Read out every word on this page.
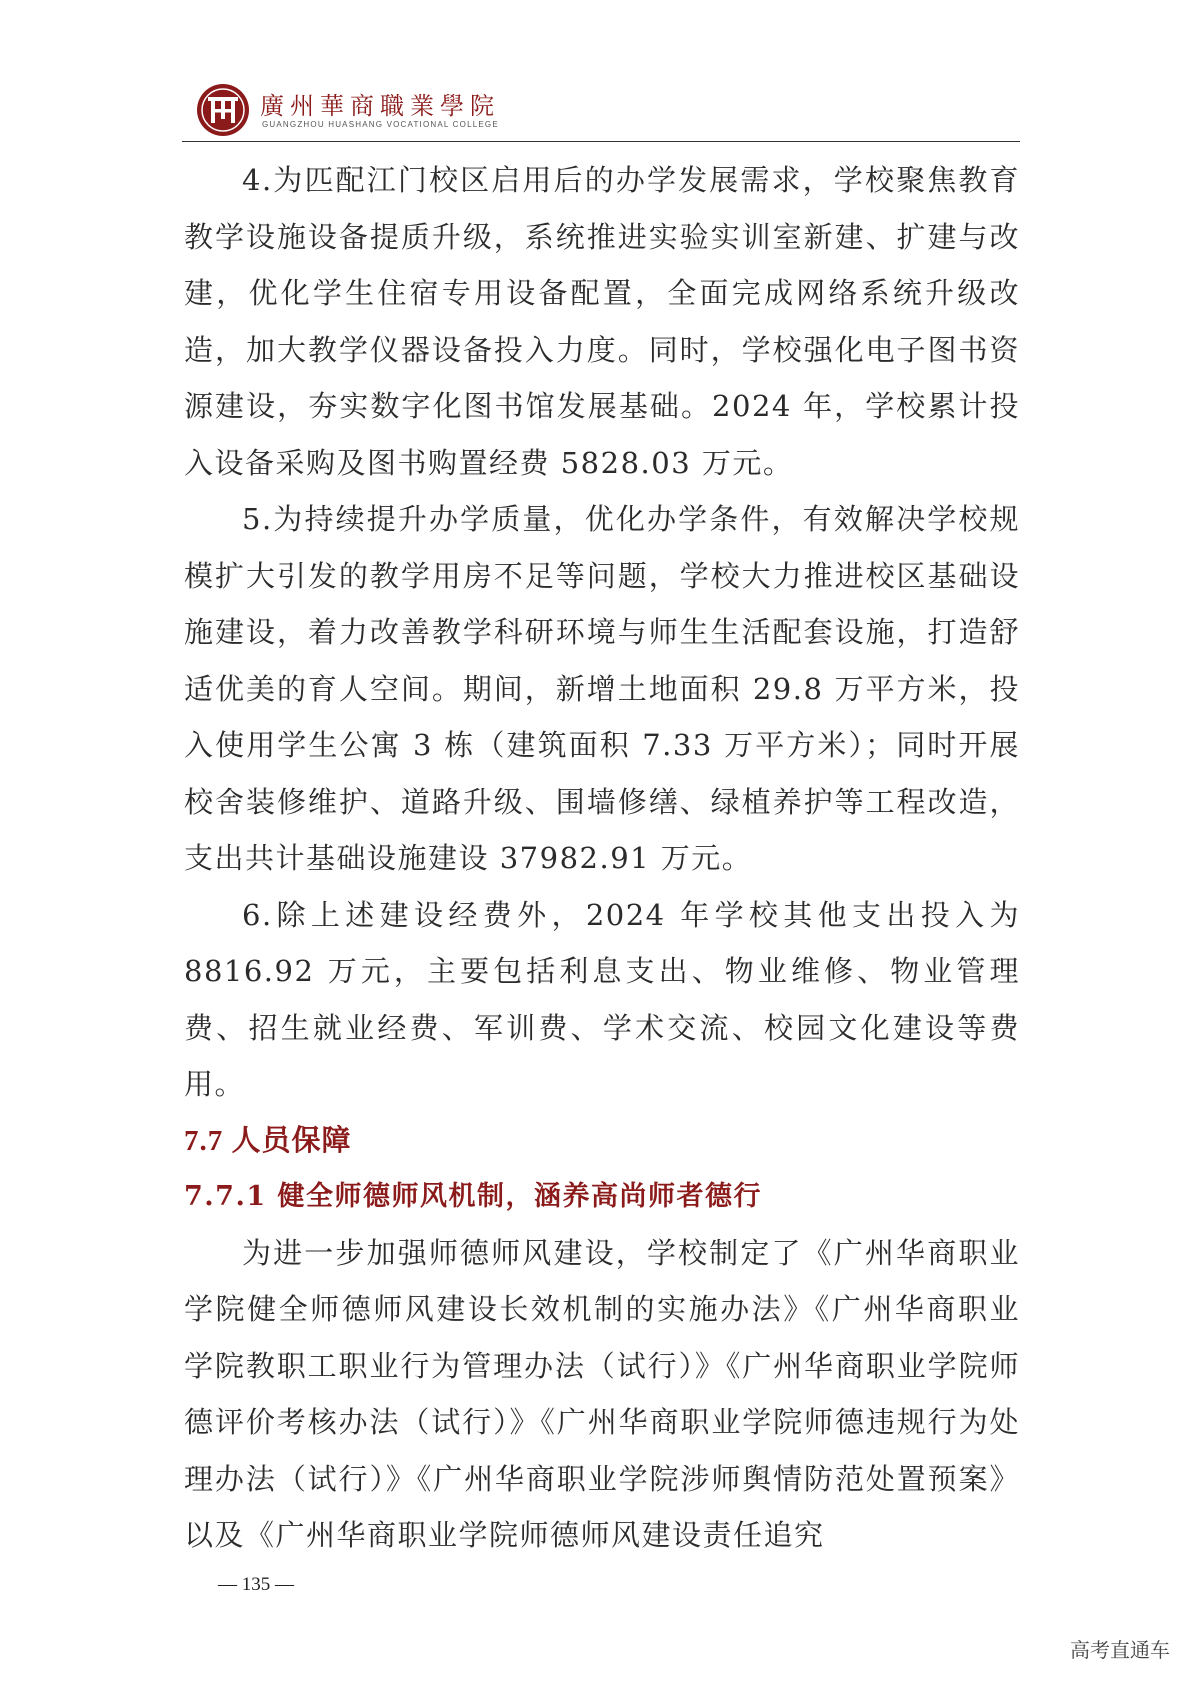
廣州華商職業學院
GUANGZHOU HUASHANG VOCATIONAL COLLEGE

4.为匹配江门校区启用后的办学发展需求，学校聚焦教育教学设施设备提质升级，系统推进实验实训室新建、扩建与改建，优化学生住宿专用设备配置，全面完成网络系统升级改造，加大教学仪器设备投入力度。同时，学校强化电子图书资源建设，夯实数字化图书馆发展基础。2024 年，学校累计投入设备采购及图书购置经费 5828.03 万元。

5.为持续提升办学质量，优化办学条件，有效解决学校规模扩大引发的教学用房不足等问题，学校大力推进校区基础设施建设，着力改善教学科研环境与师生生活配套设施，打造舒适优美的育人空间。期间，新增土地面积 29.8 万平方米，投入使用学生公寓 3 栋（建筑面积 7.33 万平方米）；同时开展校舍装修维护、道路升级、围墙修缮、绿植养护等工程改造，支出共计基础设施建设 37982.91 万元。

6.除上述建设经费外，2024 年学校其他支出投入为 8816.92 万元，主要包括利息支出、物业维修、物业管理费、招生就业经费、军训费、学术交流、校园文化建设等费用。

7.7 人员保障

7.7.1 健全师德师风机制，涵养高尚师者德行

为进一步加强师德师风建设，学校制定了《广州华商职业学院健全师德师风建设长效机制的实施办法》《广州华商职业学院教职工职业行为管理办法（试行）》《广州华商职业学院师德评价考核办法（试行）》《广州华商职业学院师德违规行为处理办法（试行）》《广州华商职业学院涉师舆情防范处置预案》以及《广州华商职业学院师德师风建设责任追究

— 135 —
高考直通车
